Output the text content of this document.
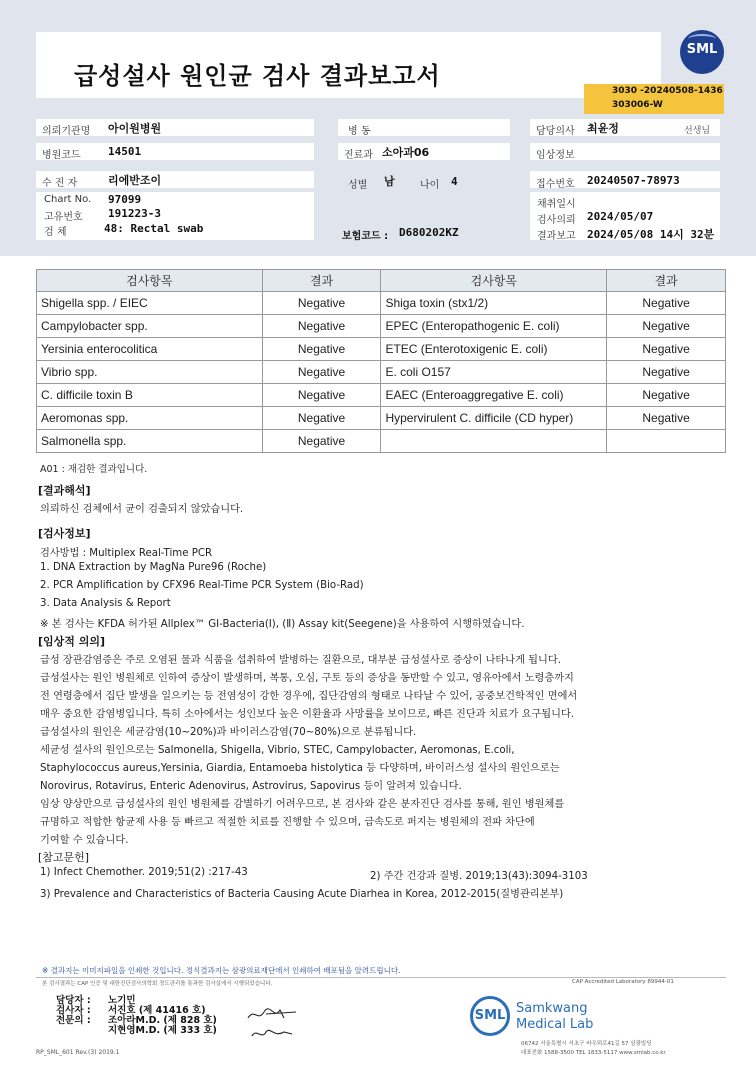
급성설사 원인균 검사 결과보고서
SML
3030 -20240508-1436
303006-W
의뢰기관명 아이원병원	병 동	담당의사 최윤정	선생님
병원코드 14501	진료과 소아과06	임상정보
수 진 자	리에반조이	성별 남	나이 4	접수번호 20240507-78973
Chart No. 97099
고유번호 191223-3
검 체	48: Rectal swab
보험코드 : D680202KZ
채취일시
검사의뢰 2024/05/07
결과보고 2024/05/08 14시 32분
검사항목	결과	검사항목	결과
Shigella spp. / EIEC	Negative	Shiga toxin (stx1/2)	Negative
Campylobacter spp.	Negative	EPEC (Enteropathogenic E. coli)	Negative
Yersinia enterocolitica	Negative	ETEC (Enterotoxigenic E. coli)	Negative
Vibrio spp.	Negative	E. coli O157	Negative
C. difficile toxin B	Negative	EAEC (Enteroaggregative E. coli)	Negative
Aeromonas spp.	Negative	Hypervirulent C. difficile (CD hyper)	Negative
Salmonella spp.	Negative		
A01 : 재검한 결과입니다.
[결과해석]
의뢰하신 검체에서 균이 검출되지 않았습니다.
[검사정보]
검사방법 : Multiplex Real-Time PCR
1. DNA Extraction by MagNa Pure96 (Roche)
2. PCR Amplification by CFX96 Real-Time PCR System (Bio-Rad)
3. Data Analysis & Report
※ 본 검사는 KFDA 허가된 Allplex™ GI-Bacteria(Ⅰ), (Ⅱ) Assay kit(Seegene)을 사용하여 시행하였습니다.
[임상적 의의]
급성 장관감염증은 주로 오염된 물과 식품을 섭취하여 발병하는 질환으로, 대부분 급성설사로 증상이 나타나게 됩니다.
급성설사는 원인 병원체로 인하여 증상이 발생하며, 복통, 오심, 구토 등의 증상을 동반할 수 있고, 영유아에서 노령층까지
전 연령층에서 집단 발생을 일으키는 등 전염성이 강한 경우에, 집단감염의 형태로 나타날 수 있어, 공중보건학적인 면에서
매우 중요한 감염병입니다. 특히 소아에서는 성인보다 높은 이환율과 사망률을 보이므로, 빠른 진단과 치료가 요구됩니다.
급성설사의 원인은 세균감염(10~20%)과 바이러스감염(70~80%)으로 분류됩니다.
세균성 설사의 원인으로는 Salmonella, Shigella, Vibrio, STEC, Campylobacter, Aeromonas, E.coli,
Staphylococcus aureus,Yersinia, Giardia, Entamoeba histolytica 등 다양하며, 바이러스성 설사의 원인으로는
Norovirus, Rotavirus, Enteric Adenovirus, Astrovirus, Sapovirus 등이 알려져 있습니다.
임상 양상만으로 급성설사의 원인 병원체를 감별하기 어려우므로, 본 검사와 같은 분자진단 검사를 통해, 원인 병원체를
규명하고 적합한 항균제 사용 등 빠르고 적절한 치료를 진행할 수 있으며, 급속도로 퍼지는 병원체의 전파 차단에
기여할 수 있습니다.
[참고문헌]
1) Infect Chemother. 2019;51(2) :217-43	2) 주간 건강과 질병. 2019;13(43):3094-3103
3) Prevalence and Characteristics of Bacteria Causing Acute Diarhea in Korea, 2012-2015(질병관리본부)
※ 결과지는 이미지파일을 인쇄한 것입니다. 정식결과지는 삼광의료재단에서 인쇄하여 배포됨을 알려드립니다.
본 검사결과는 CAP 인증 및 대한진단검사의학회 정도관리를 통과한 검사실에서 시행되었습니다.	CAP Accredited Laboratory 89944-01
담당자 : 노기민
검사자 : 서진호 (제 41416 호)
전문의 : 조아라M.D. (제 828 호)
지현영M.D. (제 333 호)
SML Samkwang
Medical Lab
06742 서울특별시 서초구 바우뫼로41길 57 삼광빌딩
대표전화 1588-3500 TEL 1833-5117 www.smlab.co.kr
RP_SML_601 Rev.(3) 2019.1
